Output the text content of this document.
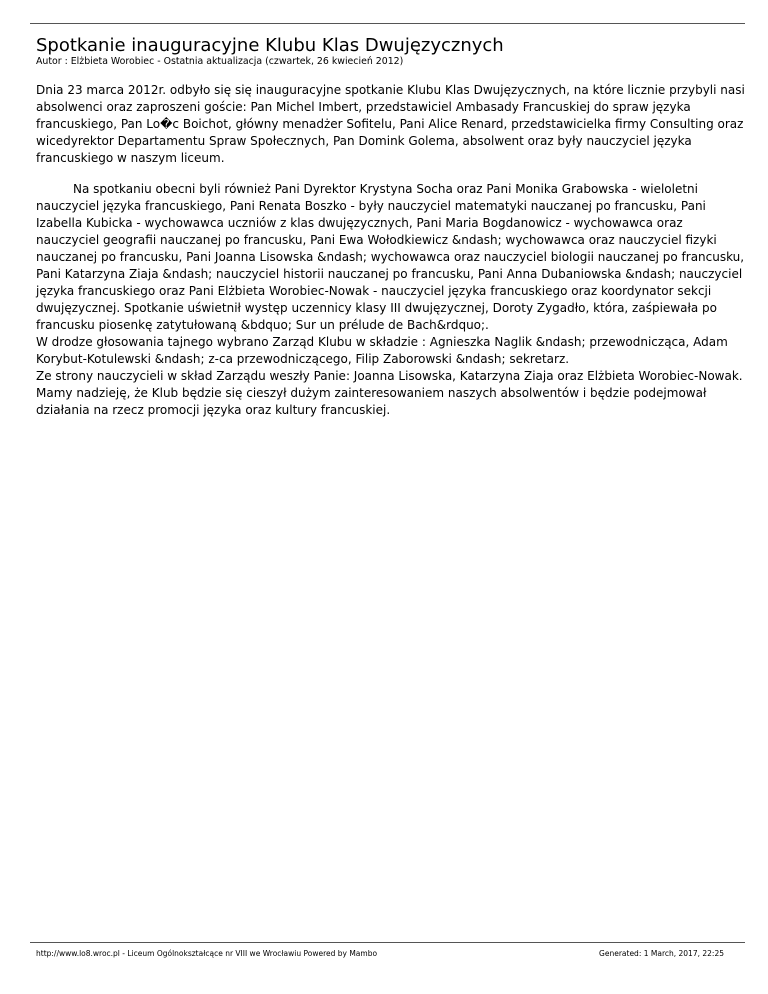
Spotkanie inauguracyjne Klubu Klas Dwujęzycznych
Autor : Elżbieta Worobiec - Ostatnia aktualizacja (czwartek, 26 kwiecień 2012)

Dnia 23 marca 2012r. odbyło się się inauguracyjne spotkanie Klubu Klas Dwujęzycznych, na które licznie przybyli nasi absolwenci oraz zaproszeni goście: Pan Michel Imbert, przedstawiciel Ambasady Francuskiej do spraw języka francuskiego, Pan Lo�c Boichot, główny menadżer Sofitelu, Pani Alice Renard, przedstawicielka firmy Consulting oraz wicedyrektor Departamentu Spraw Społecznych, Pan Domink Golema, absolwent oraz były nauczyciel języka francuskiego w naszym liceum.

Na spotkaniu obecni byli również Pani Dyrektor Krystyna Socha oraz Pani Monika Grabowska - wieloletni nauczyciel języka francuskiego, Pani Renata Boszko - były nauczyciel matematyki nauczanej po francusku, Pani Izabella Kubicka - wychowawca uczniów z klas dwujęzycznych, Pani Maria Bogdanowicz - wychowawca oraz nauczyciel geografii nauczanej po francusku, Pani Ewa Wołodkiewicz &ndash; wychowawca oraz nauczyciel fizyki nauczanej po francusku, Pani Joanna Lisowska &ndash; wychowawca oraz nauczyciel biologii nauczanej po francusku, Pani Katarzyna Ziaja &ndash; nauczyciel historii nauczanej po francusku, Pani Anna Dubaniowska &ndash; nauczyciel języka francuskiego oraz Pani Elżbieta Worobiec-Nowak - nauczyciel języka francuskiego oraz koordynator sekcji dwujęzycznej. Spotkanie uświetnił występ uczennicy klasy III dwujęzycznej, Doroty Zygadło, która, zaśpiewała po francusku piosenkę zatytułowaną &bdquo; Sur un prélude de Bach&rdquo;.

W drodze głosowania tajnego wybrano Zarząd Klubu w składzie : Agnieszka Naglik &ndash; przewodnicząca, Adam Korybut-Kotulewski &ndash; z-ca przewodniczącego, Filip Zaborowski &ndash; sekretarz.

Ze strony nauczycieli w skład Zarządu weszły Panie: Joanna Lisowska, Katarzyna Ziaja oraz Elżbieta Worobiec-Nowak.

Mamy nadzieję, że Klub będzie się cieszył dużym zainteresowaniem naszych absolwentów i będzie podejmował działania na rzecz promocji języka oraz kultury francuskiej.

http://www.lo8.wroc.pl - Liceum Ogólnokształcące nr VIII we Wrocławiu Powered by Mambo	Generated: 1 March, 2017, 22:25
